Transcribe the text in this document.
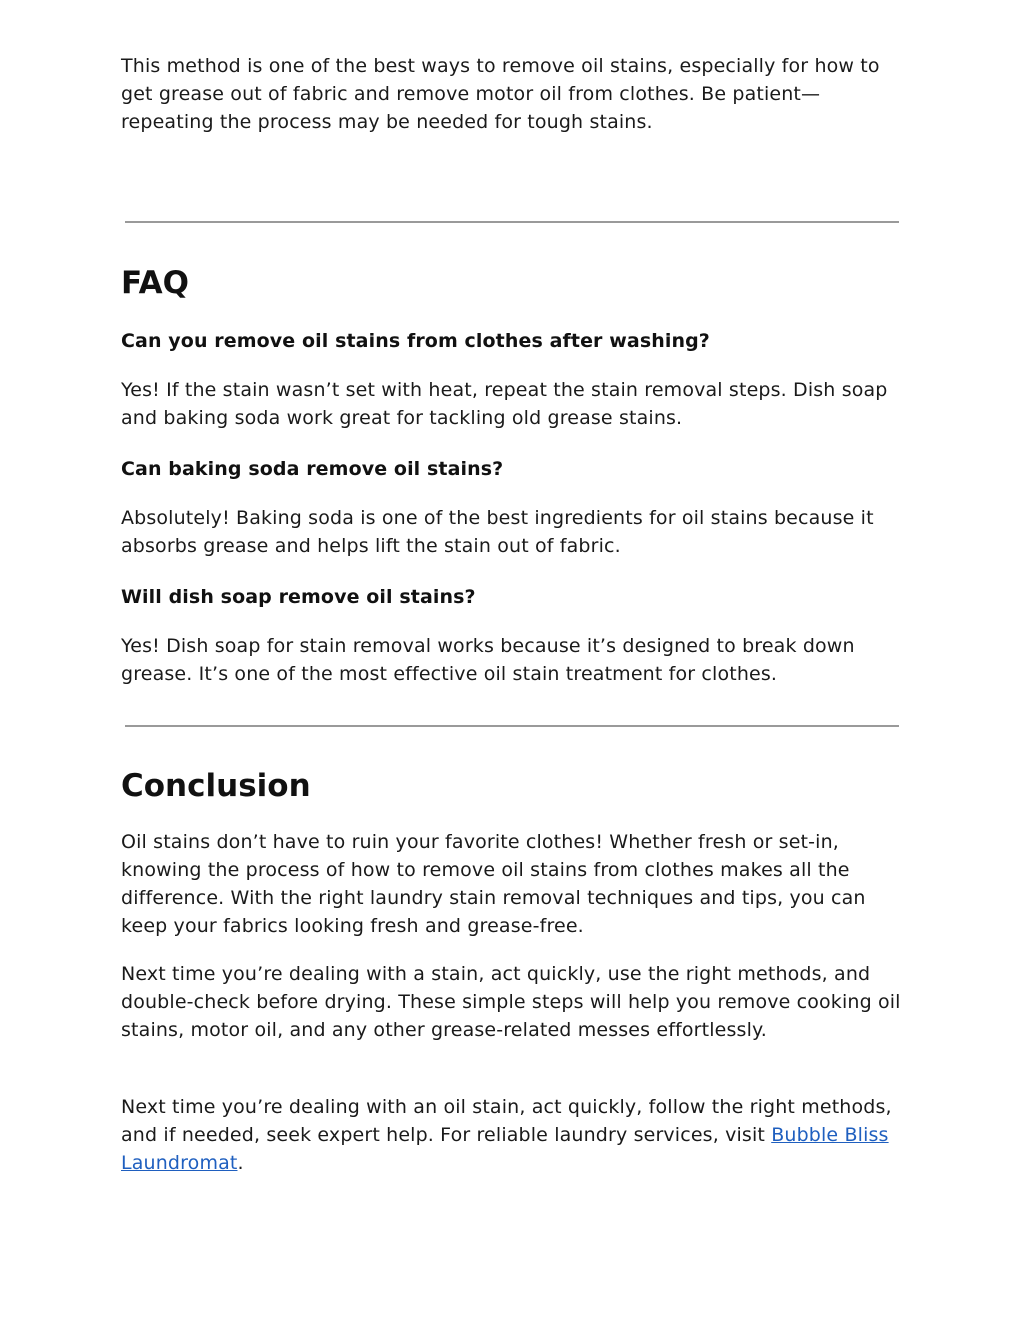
This method is one of the best ways to remove oil stains, especially for how to get grease out of fabric and remove motor oil from clothes. Be patient—repeating the process may be needed for tough stains.

FAQ
Can you remove oil stains from clothes after washing?

Yes! If the stain wasn’t set with heat, repeat the stain removal steps. Dish soap and baking soda work great for tackling old grease stains.

Can baking soda remove oil stains?

Absolutely! Baking soda is one of the best ingredients for oil stains because it absorbs grease and helps lift the stain out of fabric.

Will dish soap remove oil stains?

Yes! Dish soap for stain removal works because it’s designed to break down grease. It’s one of the most effective oil stain treatment for clothes.

Conclusion

Oil stains don’t have to ruin your favorite clothes! Whether fresh or set-in, knowing the process of how to remove oil stains from clothes makes all the difference. With the right laundry stain removal techniques and tips, you can keep your fabrics looking fresh and grease-free.

Next time you’re dealing with a stain, act quickly, use the right methods, and double-check before drying. These simple steps will help you remove cooking oil stains, motor oil, and any other grease-related messes effortlessly.

Next time you’re dealing with an oil stain, act quickly, follow the right methods, and if needed, seek expert help. For reliable laundry services, visit Bubble Bliss Laundromat.
